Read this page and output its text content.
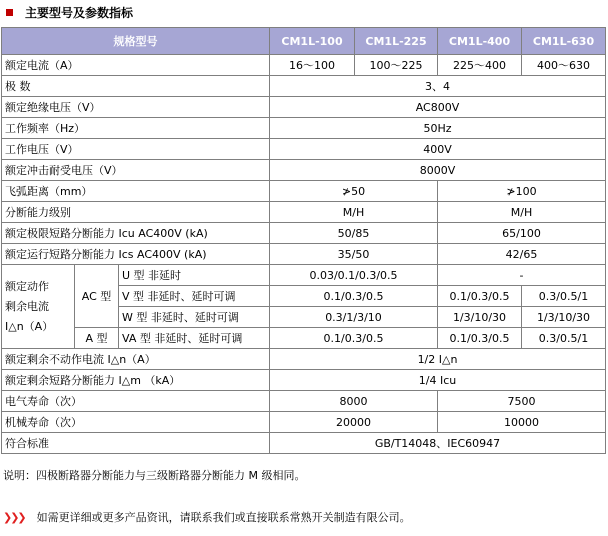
主要型号及参数指标
规格型号			CM1L-100	CM1L-225	CM1L-400	CM1L-630
额定电流（A）			16～100	100～225	225～400	400～630
极 数			3、4			
额定绝缘电压（V）			AC800V			
工作频率（Hz）			50Hz			
工作电压（V）			400V			
额定冲击耐受电压（V）			8000V			
飞弧距离（mm）			≯50		≯100	
分断能力级别			M/H		M/H	
额定极限短路分断能力 Icu AC400V (kA)			50/85		65/100	
额定运行短路分断能力 Ics AC400V (kA)			35/50		42/65	

额定动作
剩余电流
I△n（A）	AC 型	U 型 非延时	0.03/0.1/0.3/0.5		-	
		V 型 非延时、延时可调	0.1/0.3/0.5		0.1/0.3/0.5	0.3/0.5/1
		W 型 非延时、延时可调	0.3/1/3/10		1/3/10/30	1/3/10/30
	A 型	VA 型 非延时、延时可调	0.1/0.3/0.5		0.1/0.3/0.5	0.3/0.5/1
额定剩余不动作电流 I△n（A）			1/2 I△n			
额定剩余短路分断能力 I△m （kA）			1/4 Icu			
电气寿命（次）			8000		7500	
机械寿命（次）			20000		10000	
符合标准			GB/T14048、IEC60947			
说明：四极断路器分断能力与三级断路器分断能力 M 级相同。
❯❯❯ 如需更详细或更多产品资讯，请联系我们或直接联系常熟开关制造有限公司。
